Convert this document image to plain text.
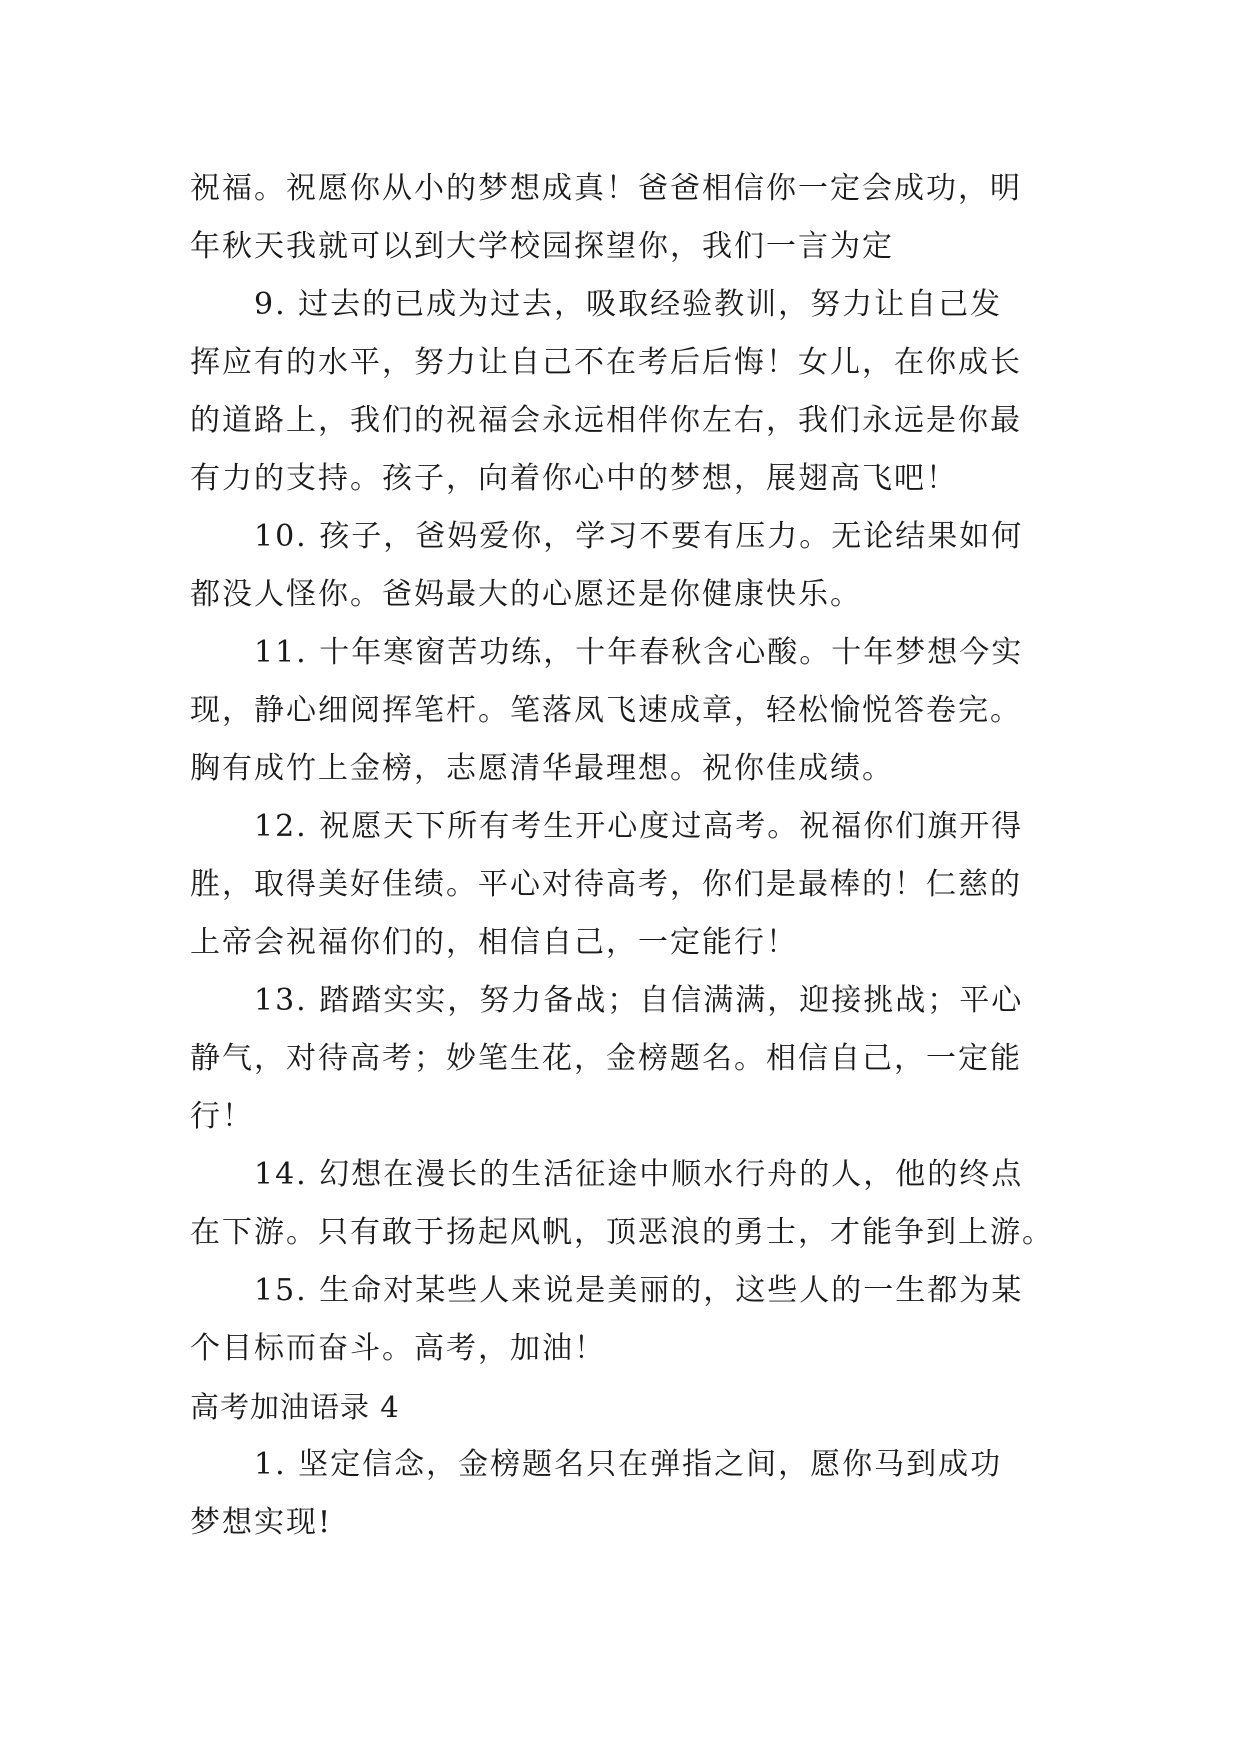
祝福。祝愿你从小的梦想成真！爸爸相信你一定会成功，明
年秋天我就可以到大学校园探望你，我们一言为定
9. 过去的已成为过去，吸取经验教训，努力让自己发
挥应有的水平，努力让自己不在考后后悔！女儿，在你成长
的道路上，我们的祝福会永远相伴你左右，我们永远是你最
有力的支持。孩子，向着你心中的梦想，展翅高飞吧！
10. 孩子，爸妈爱你，学习不要有压力。无论结果如何
都没人怪你。爸妈最大的心愿还是你健康快乐。
11. 十年寒窗苦功练，十年春秋含心酸。十年梦想今实
现，静心细阅挥笔杆。笔落凤飞速成章，轻松愉悦答卷完。
胸有成竹上金榜，志愿清华最理想。祝你佳成绩。
12. 祝愿天下所有考生开心度过高考。祝福你们旗开得
胜，取得美好佳绩。平心对待高考，你们是最棒的！仁慈的
上帝会祝福你们的，相信自己，一定能行！
13. 踏踏实实，努力备战；自信满满，迎接挑战；平心
静气，对待高考；妙笔生花，金榜题名。相信自己，一定能
行！
14. 幻想在漫长的生活征途中顺水行舟的人，他的终点
在下游。只有敢于扬起风帆，顶恶浪的勇士，才能争到上游。
15. 生命对某些人来说是美丽的，这些人的一生都为某
个目标而奋斗。高考，加油！
高考加油语录 4
1. 坚定信念，金榜题名只在弹指之间，愿你马到成功
梦想实现!
